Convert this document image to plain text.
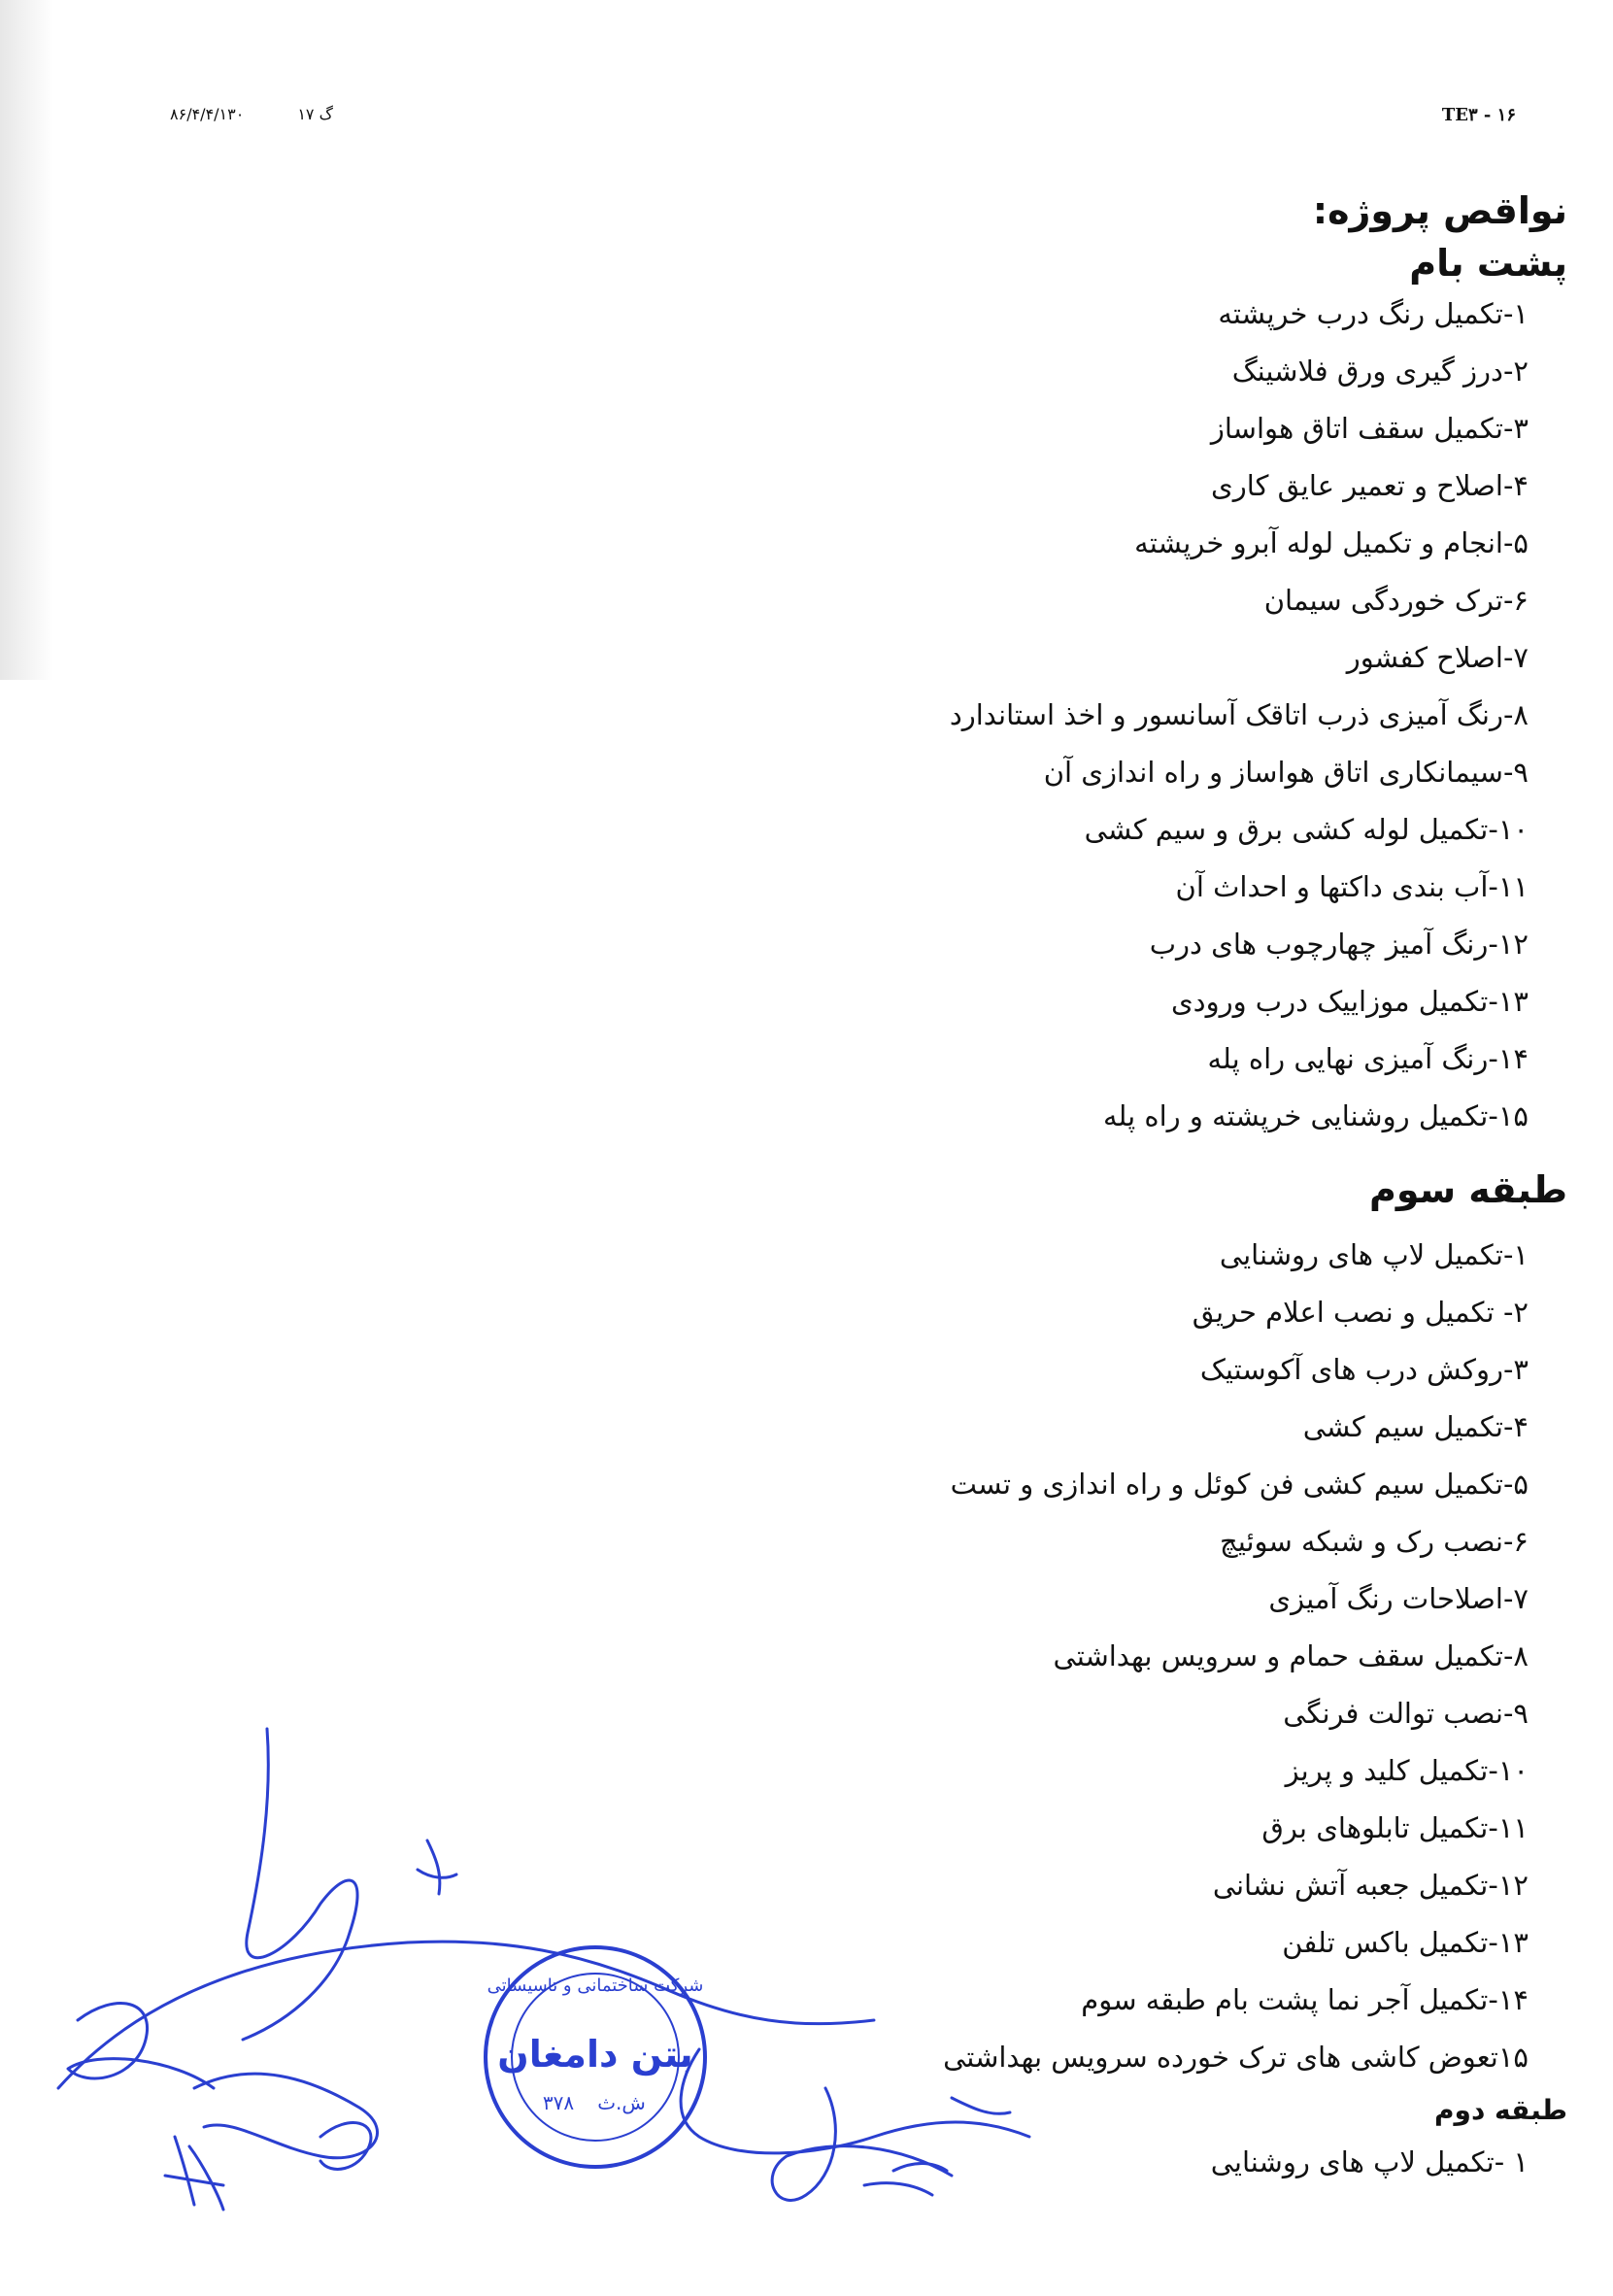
گ ۱۷
۸۶/۴/۴/۱۳۰	TE۳ - ۱۶
نواقص پروژه:
پشت بام
۱-تکمیل رنگ درب خرپشته
۲-درز گیری ورق فلاشینگ
۳-تکمیل سقف اتاق هواساز
۴-اصلاح و تعمیر عایق کاری
۵-انجام و تکمیل لوله آبرو خرپشته
۶-ترک خوردگی سیمان
۷-اصلاح کفشور
۸-رنگ آمیزی ذرب اتاقک آسانسور و اخذ استاندارد
۹-سیمانکاری اتاق هواساز و راه اندازی آن
۱۰-تکمیل لوله کشی برق و سیم کشی
۱۱-آب بندی داکتها و احداث آن
۱۲-رنگ آمیز چهارچوب های درب
۱۳-تکمیل موزاییک درب ورودی
۱۴-رنگ آمیزی نهایی راه پله
۱۵-تکمیل روشنایی خرپشته و راه پله
طبقه سوم
۱-تکمیل لاپ های روشنایی
۲- تکمیل و نصب اعلام حریق
۳-روکش درب های آکوستیک
۴-تکمیل سیم کشی
۵-تکمیل سیم کشی فن کوئل و راه اندازی و تست
۶-نصب رک و شبکه سوئیچ
۷-اصلاحات رنگ آمیزی
۸-تکمیل سقف حمام و سرویس بهداشتی
۹-نصب توالت فرنگی
۱۰-تکمیل کلید و پریز
۱۱-تکمیل تابلوهای برق
۱۲-تکمیل جعبه آتش نشانی
۱۳-تکمیل باکس تلفن
۱۴-تکمیل آجر نما پشت بام طبقه سوم
۱۵تعوض کاشی های ترک خورده سرویس بهداشتی
طبقه دوم
۱ -تکمیل لاپ های روشنایی
شرکت ساختمانی و تاسیساتی
بتن دامغان
ش.ث
۳۷۸
